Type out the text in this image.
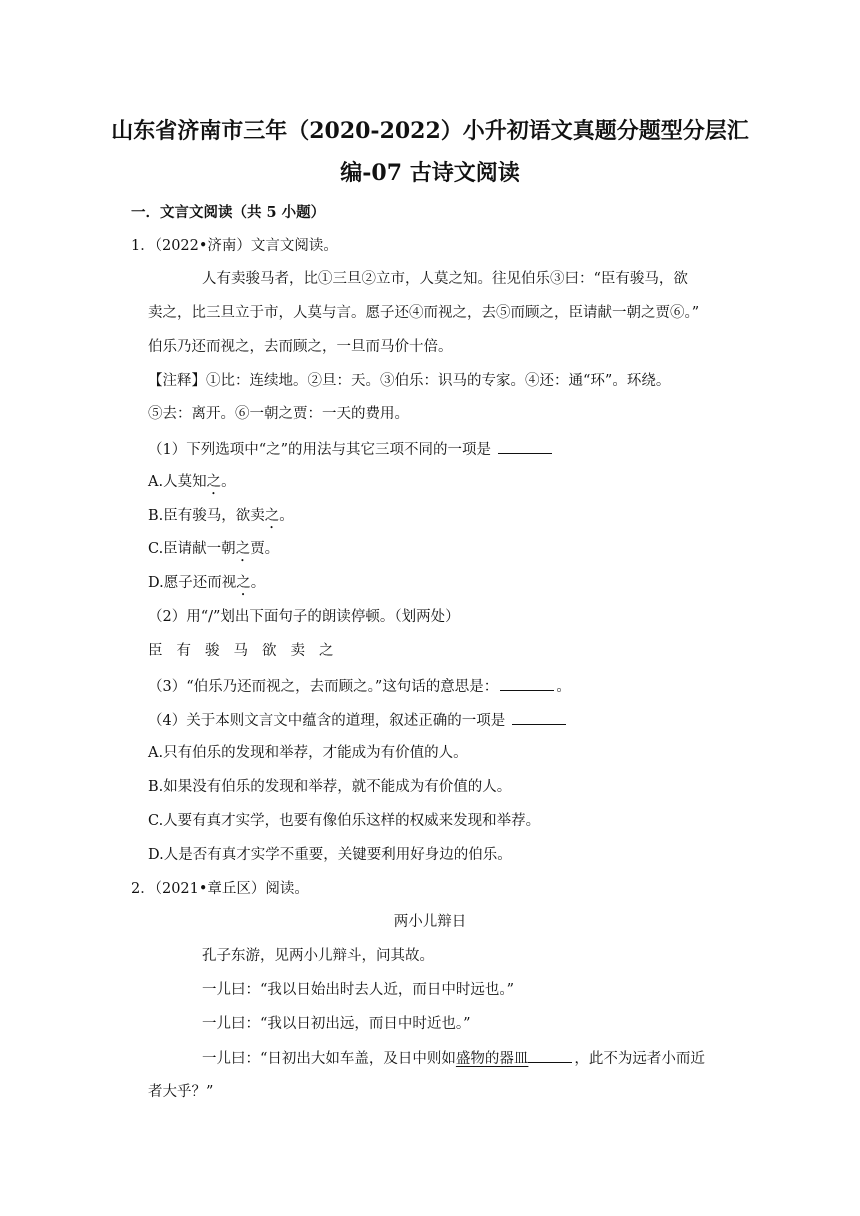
山东省济南市三年（2020-2022）小升初语文真题分题型分层汇
编-07 古诗文阅读
一．文言文阅读（共 5 小题）
1．（2022•济南）文言文阅读。
人有卖骏马者，比①三旦②立市，人莫之知。往见伯乐③曰：“臣有骏马，欲
卖之，比三旦立于市，人莫与言。愿子还④而视之，去⑤而顾之，臣请献一朝之贾⑥。”
伯乐乃还而视之，去而顾之，一旦而马价十倍。
【注释】①比：连续地。②旦：天。③伯乐：识马的专家。④还：通“环”。环绕。
⑤去：离开。⑥一朝之贾：一天的费用。
（1）下列选项中“之”的用法与其它三项不同的一项是
A.人莫知之。
B.臣有骏马，欲卖之。
C.臣请献一朝之贾。
D.愿子还而视之。
（2）用“/”划出下面句子的朗读停顿。（划两处）
臣 有 骏 马 欲 卖 之
（3）“伯乐乃还而视之，去而顾之。”这句话的意思是：	。
（4）关于本则文言文中蕴含的道理，叙述正确的一项是
A.只有伯乐的发现和举荐，才能成为有价值的人。
B.如果没有伯乐的发现和举荐，就不能成为有价值的人。
C.人要有真才实学，也要有像伯乐这样的权威来发现和举荐。
D.人是否有真才实学不重要，关键要利用好身边的伯乐。
2．（2021•章丘区）阅读。
两小儿辩日
孔子东游，见两小儿辩斗，问其故。
一儿曰：“我以日始出时去人近，而日中时远也。”
一儿曰：“我以日初出远，而日中时近也。”
一儿曰：“日初出大如车盖，及日中则如盛物的器皿	，此不为远者小而近
者大乎？”
